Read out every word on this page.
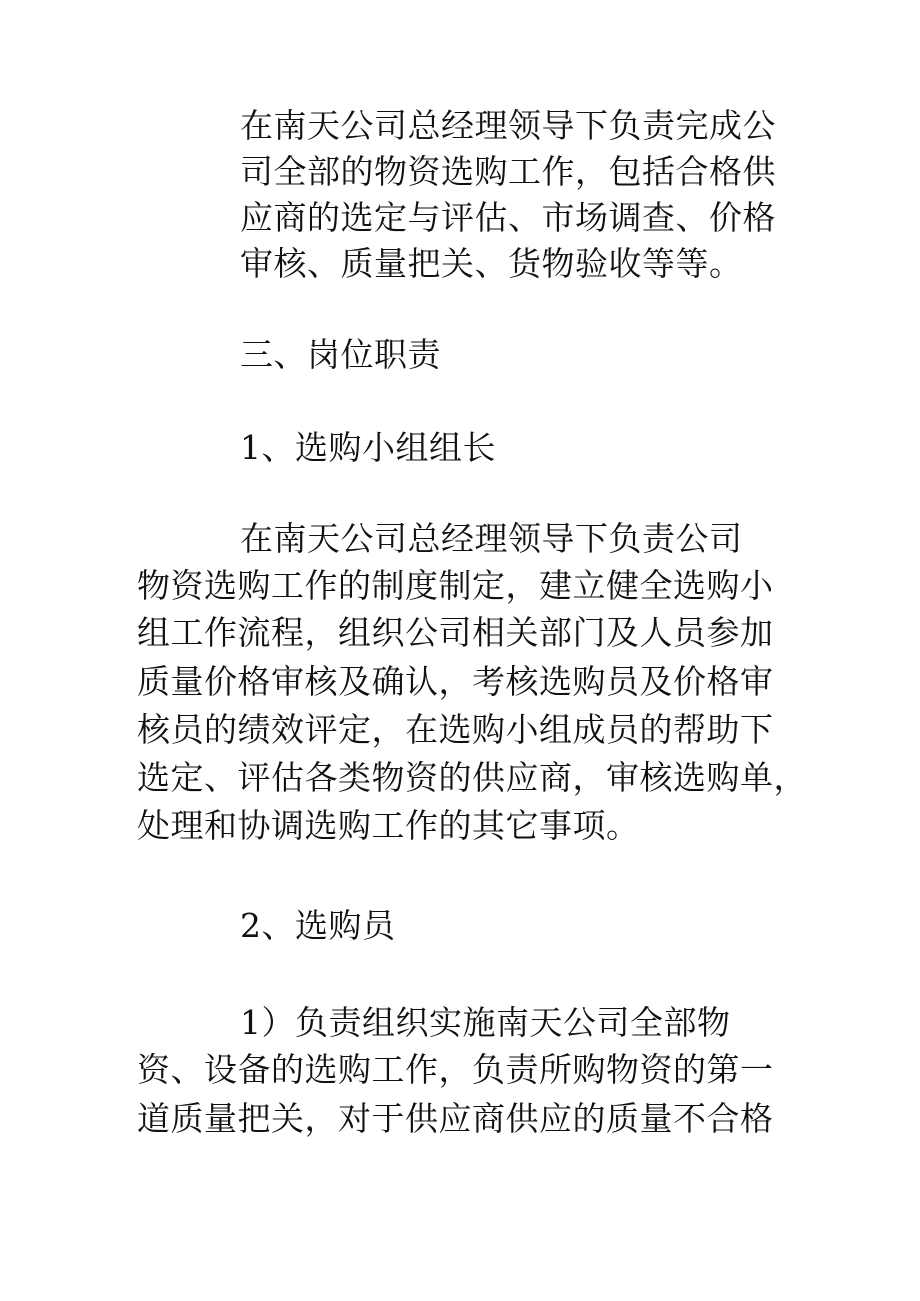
在南天公司总经理领导下负责完成公
司全部的物资选购工作，包括合格供
应商的选定与评估、市场调查、价格
审核、质量把关、货物验收等等。
三、岗位职责
1、选购小组组长
在南天公司总经理领导下负责公司
物资选购工作的制度制定，建立健全选购小
组工作流程，组织公司相关部门及人员参加
质量价格审核及确认，考核选购员及价格审
核员的绩效评定，在选购小组成员的帮助下
选定、评估各类物资的供应商，审核选购单，
处理和协调选购工作的其它事项。
2、选购员
1）负责组织实施南天公司全部物
资、设备的选购工作，负责所购物资的第一
道质量把关，对于供应商供应的质量不合格
